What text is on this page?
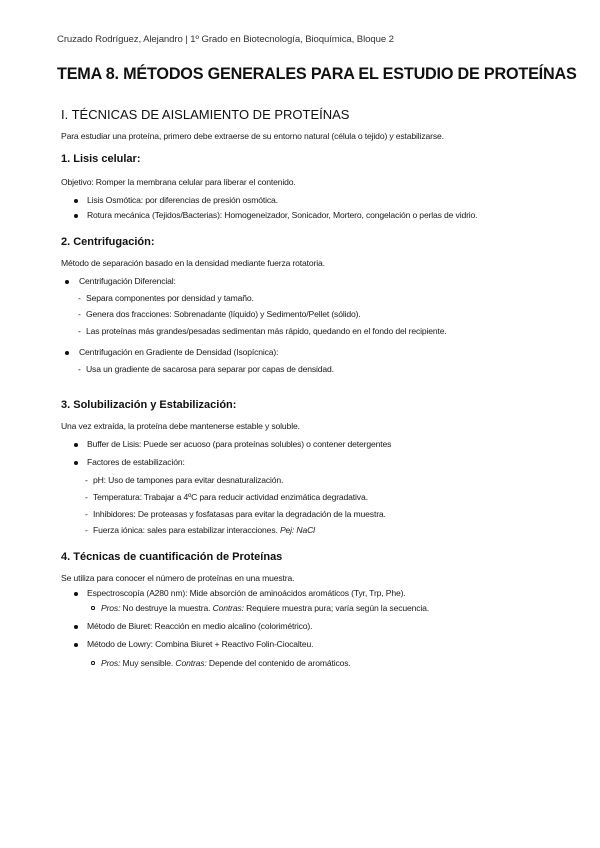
Cruzado Rodríguez, Alejandro | 1º Grado en Biotecnología, Bioquímica, Bloque 2
TEMA 8. MÉTODOS GENERALES PARA EL ESTUDIO DE PROTEÍNAS
I. TÉCNICAS DE AISLAMIENTO DE PROTEÍNAS
Para estudiar una proteína, primero debe extraerse de su entorno natural (célula o tejido) y estabilizarse.
1. Lisis celular:
Objetivo: Romper la membrana celular para liberar el contenido.
Lisis Osmótica: por diferencias de presión osmótica.
Rotura mecánica (Tejidos/Bacterias): Homogeneizador, Sonicador, Mortero, congelación o perlas de vidrio.
2. Centrifugación:
Método de separación basado en la densidad mediante fuerza rotatoria.
Centrifugación Diferencial:
- Separa componentes por densidad y tamaño.
- Genera dos fracciones: Sobrenadante (líquido) y Sedimento/Pellet (sólido).
- Las proteínas más grandes/pesadas sedimentan más rápido, quedando en el fondo del recipiente.
Centrifugación en Gradiente de Densidad (Isopícnica):
- Usa un gradiente de sacarosa para separar por capas de densidad.
3. Solubilización y Estabilización:
Una vez extraída, la proteína debe mantenerse estable y soluble.
Buffer de Lisis: Puede ser acuoso (para proteínas solubles) o contener detergentes
Factores de estabilización:
- pH: Uso de tampones para evitar desnaturalización.
- Temperatura: Trabajar a 4ºC para reducir actividad enzimática degradativa.
- Inhibidores: De proteasas y fosfatasas para evitar la degradación de la muestra.
- Fuerza iónica: sales para estabilizar interacciones. Pej: NaCl
4. Técnicas de cuantificación de Proteínas
Se utiliza para conocer el número de proteínas en una muestra.
Espectroscopía (A280 nm): Mide absorción de aminoácidos aromáticos (Tyr, Trp, Phe).
Pros: No destruye la muestra. Contras: Requiere muestra pura; varía según la secuencia.
Método de Biuret: Reacción en medio alcalino (colorimétrico).
Método de Lowry: Combina Biuret + Reactivo Folin-Ciocalteu.
Pros: Muy sensible. Contras: Depende del contenido de aromáticos.
